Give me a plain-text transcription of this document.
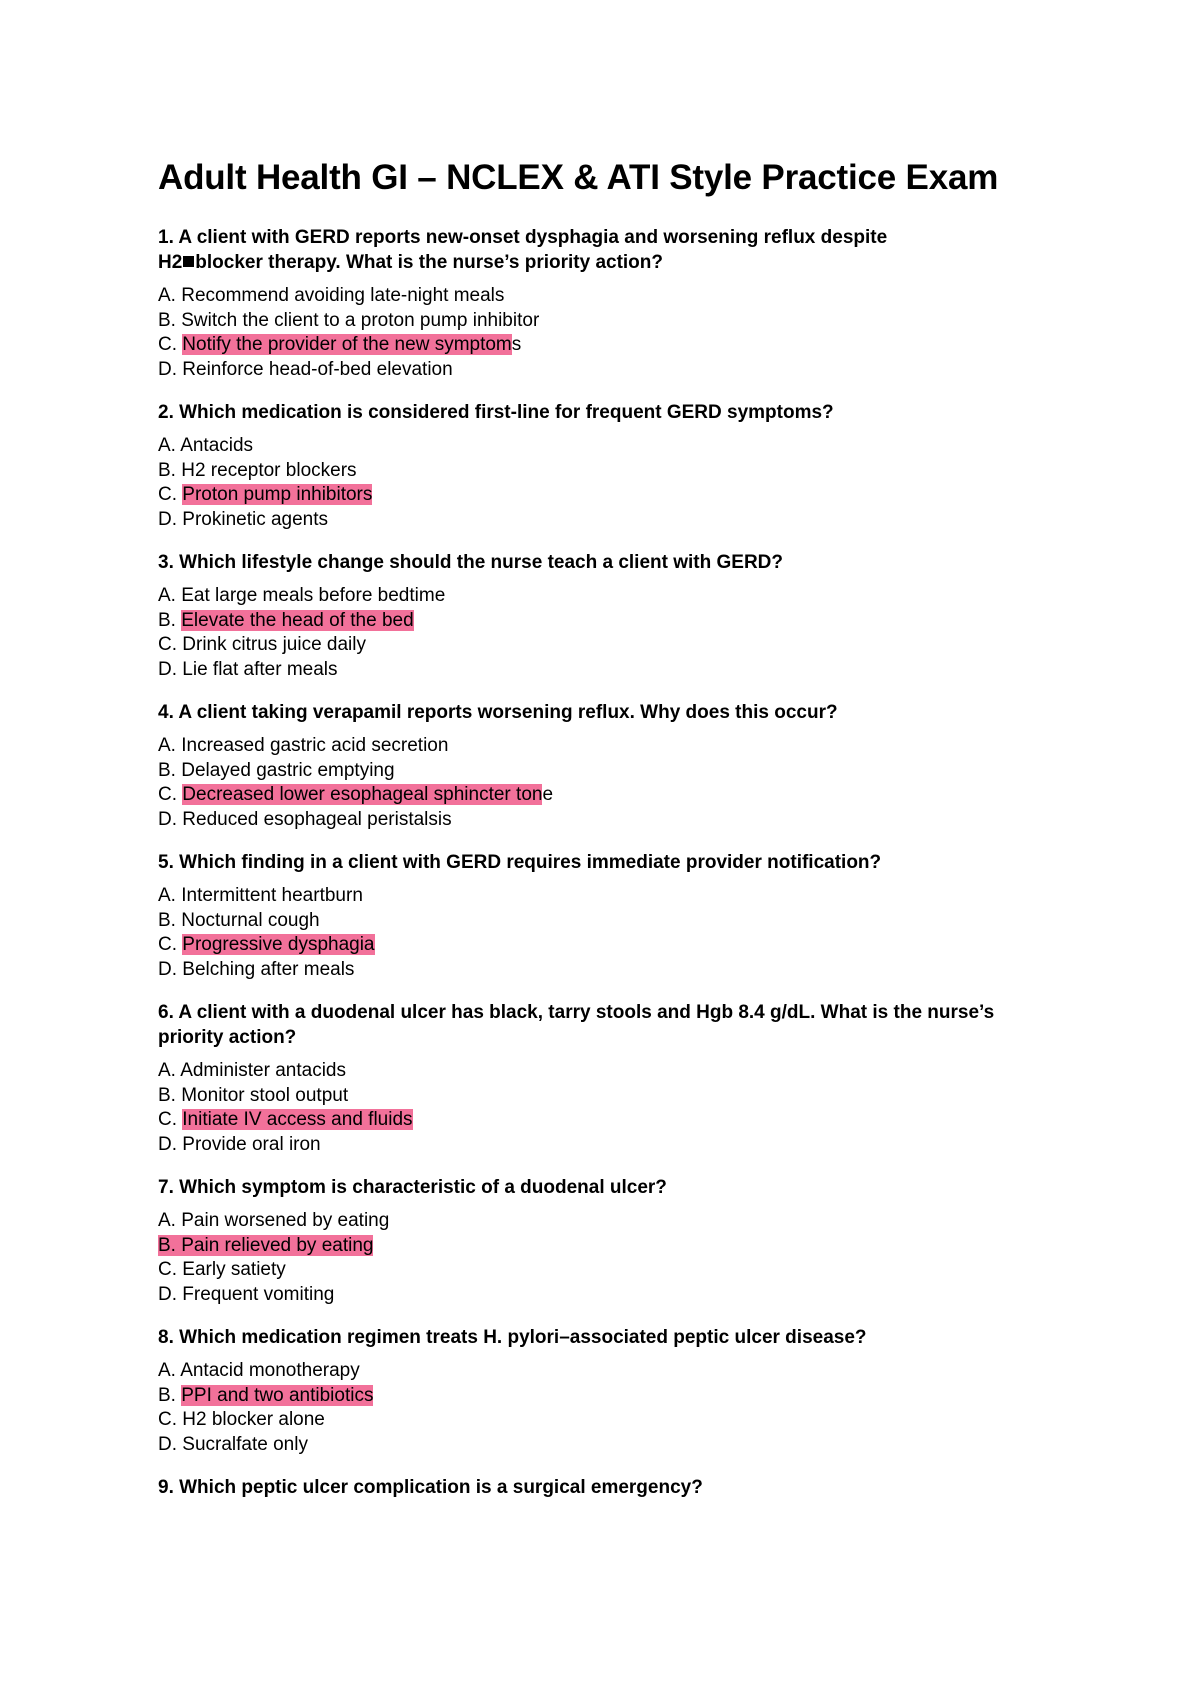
Adult Health GI – NCLEX & ATI Style Practice Exam
1. A client with GERD reports new-onset dysphagia and worsening reflux despite
H2 blocker therapy. What is the nurse’s priority action?
A. Recommend avoiding late-night meals
B. Switch the client to a proton pump inhibitor
C. Notify the provider of the new symptoms
D. Reinforce head-of-bed elevation
2. Which medication is considered first-line for frequent GERD symptoms?
A. Antacids
B. H2 receptor blockers
C. Proton pump inhibitors
D. Prokinetic agents
3. Which lifestyle change should the nurse teach a client with GERD?
A. Eat large meals before bedtime
B. Elevate the head of the bed
C. Drink citrus juice daily
D. Lie flat after meals
4. A client taking verapamil reports worsening reflux. Why does this occur?
A. Increased gastric acid secretion
B. Delayed gastric emptying
C. Decreased lower esophageal sphincter tone
D. Reduced esophageal peristalsis
5. Which finding in a client with GERD requires immediate provider notification?
A. Intermittent heartburn
B. Nocturnal cough
C. Progressive dysphagia
D. Belching after meals
6. A client with a duodenal ulcer has black, tarry stools and Hgb 8.4 g/dL. What is the nurse’s
priority action?
A. Administer antacids
B. Monitor stool output
C. Initiate IV access and fluids
D. Provide oral iron
7. Which symptom is characteristic of a duodenal ulcer?
A. Pain worsened by eating
B. Pain relieved by eating
C. Early satiety
D. Frequent vomiting
8. Which medication regimen treats H. pylori–associated peptic ulcer disease?
A. Antacid monotherapy
B. PPI and two antibiotics
C. H2 blocker alone
D. Sucralfate only
9. Which peptic ulcer complication is a surgical emergency?
